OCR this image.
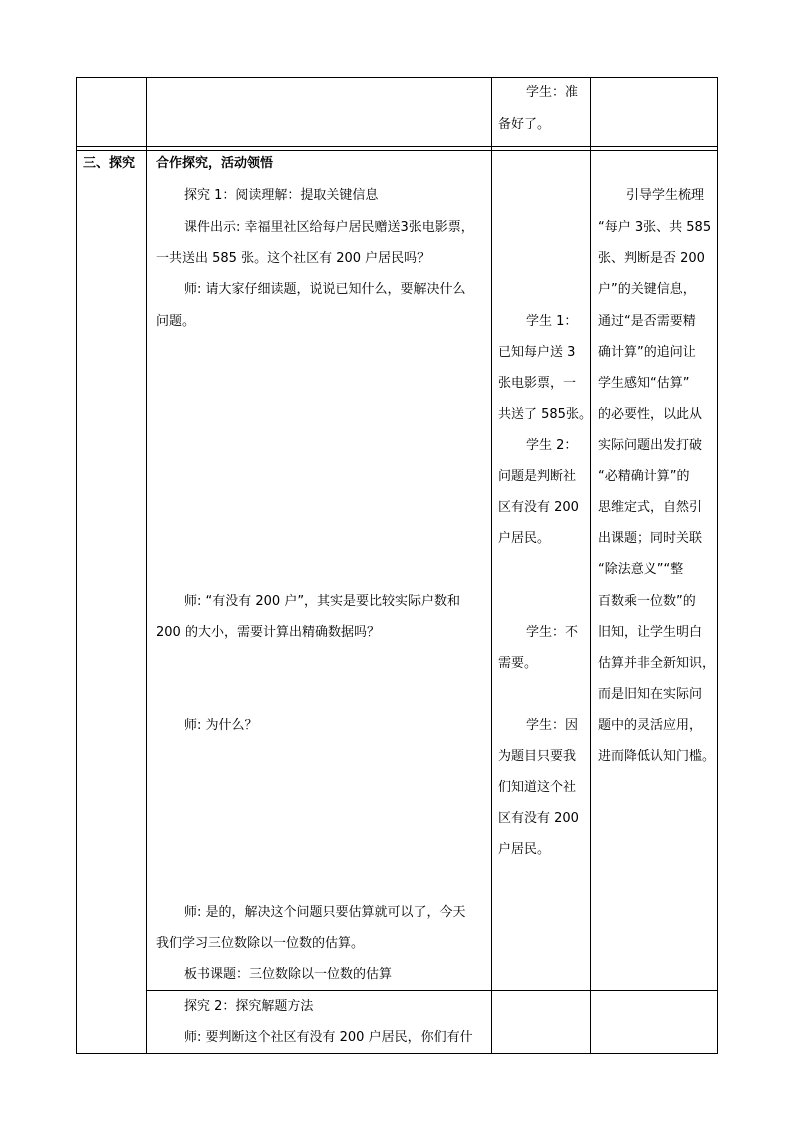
学生：准
备好了。
三、探究 合作探究，活动领悟
探究 1：阅读理解：提取关键信息
课件出示: 幸福里社区给每户居民赠送3张电影票，
一共送出 585 张。这个社区有 200 户居民吗？
师: 请大家仔细读题，说说已知什么，要解决什么
问题。
师: “有没有 200 户”，其实是要比较实际户数和
200 的大小，需要计算出精确数据吗？
师: 为什么？
师: 是的，解决这个问题只要估算就可以了，今天
我们学习三位数除以一位数的估算。
板书课题：三位数除以一位数的估算
探究 2：探究解题方法
师: 要判断这个社区有没有 200 户居民，你们有什
学生 1：
已知每户送 3
张电影票，一
共送了 585张。
学生 2：
问题是判断社
区有没有 200
户居民。
学生：不
需要。
学生：因
为题目只要我
们知道这个社
区有没有 200
户居民。
引导学生梳理
“每户 3张、共 585
张、判断是否 200
户”的关键信息，
通过“是否需要精
确计算”的追问让
学生感知“估算”
的必要性，以此从
实际问题出发打破
“必精确计算”的
思维定式，自然引
出课题；同时关联
“除法意义”“整
百数乘一位数”的
旧知，让学生明白
估算并非全新知识，
而是旧知在实际问
题中的灵活应用，
进而降低认知门槛。
